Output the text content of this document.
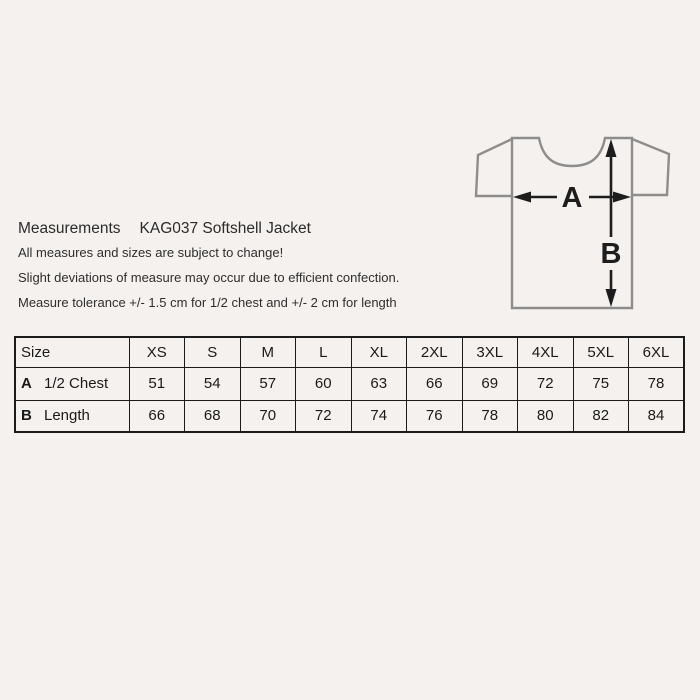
Measurements KAG037 Softshell Jacket
All measures and sizes are subject to change!
Slight deviations of measure may occur due to efficient confection.
Measure tolerance +/- 1.5 cm for 1/2 chest and +/- 2 cm for length
A
B
Size	XS	S	M	L	XL	2XL	3XL	4XL	5XL	6XL
A 1/2 Chest	51	54	57	60	63	66	69	72	75	78
B Length	66	68	70	72	74	76	78	80	82	84
